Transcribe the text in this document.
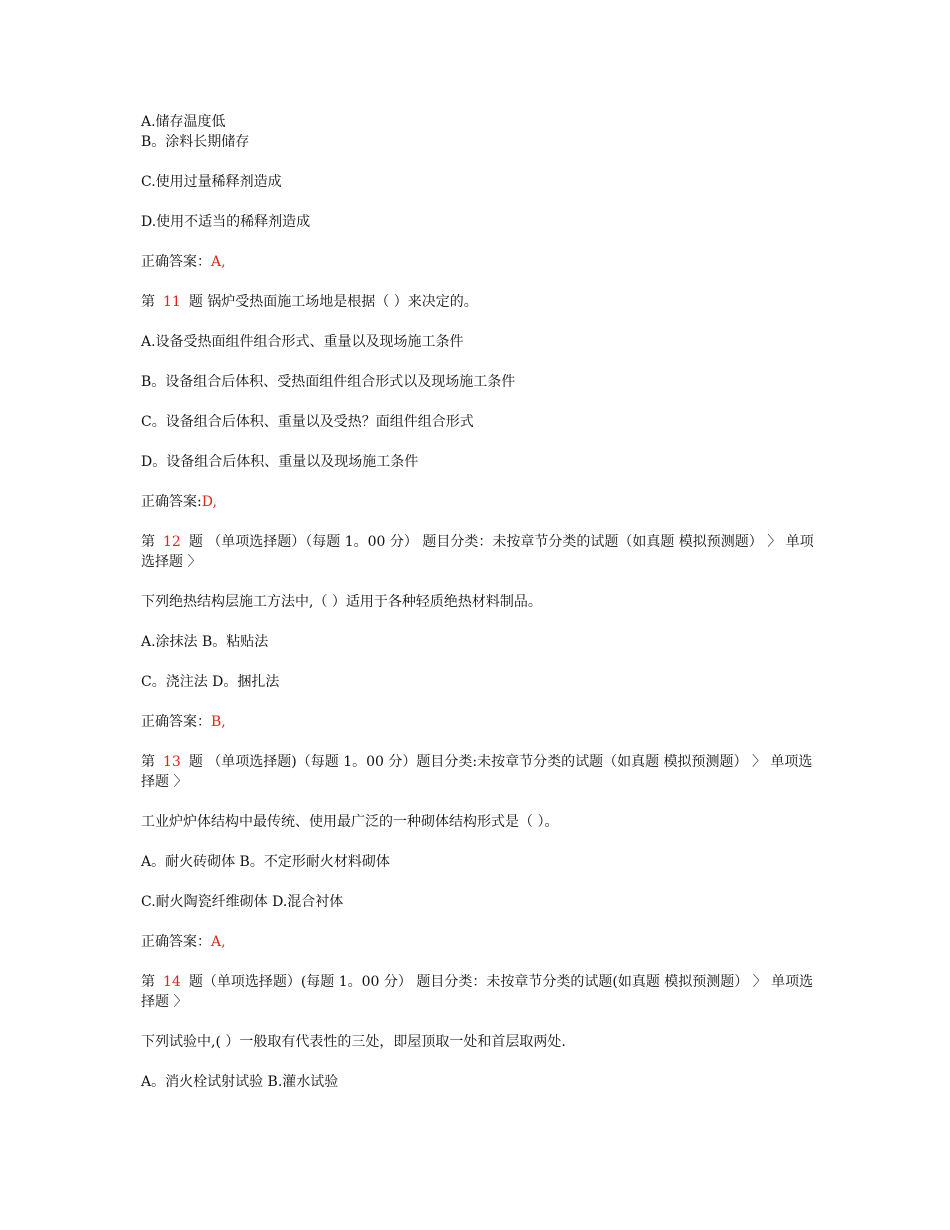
A.储存温度低
B。涂料长期储存
C.使用过量稀释剂造成
D.使用不适当的稀释剂造成
正确答案：A,
第 11 题 锅炉受热面施工场地是根据（ ）来决定的。
A.设备受热面组件组合形式、重量以及现场施工条件
B。设备组合后体积、受热面组件组合形式以及现场施工条件
C。设备组合后体积、重量以及受热？面组件组合形式
D。设备组合后体积、重量以及现场施工条件
正确答案:D,
第 12 题 （单项选择题）（每题 1。00 分） 题目分类：未按章节分类的试题（如真题 模拟预测题） 〉 单项选择题 〉
下列绝热结构层施工方法中,（ ）适用于各种轻质绝热材料制品。
A.涂抹法 B。粘贴法
C。浇注法 D。捆扎法
正确答案：B,
第 13 题 （单项选择题)（每题 1。00 分）题目分类:未按章节分类的试题（如真题 模拟预测题） 〉 单项选择题 〉
工业炉炉体结构中最传统、使用最广泛的一种砌体结构形式是（ ）。
A。耐火砖砌体 B。不定形耐火材料砌体
C.耐火陶瓷纤维砌体 D.混合衬体
正确答案：A,
第 14 题（单项选择题）(每题 1。00 分） 题目分类：未按章节分类的试题(如真题 模拟预测题） 〉 单项选择题 〉
下列试验中,( ）一般取有代表性的三处，即屋顶取一处和首层取两处.
A。消火栓试射试验 B.灌水试验
